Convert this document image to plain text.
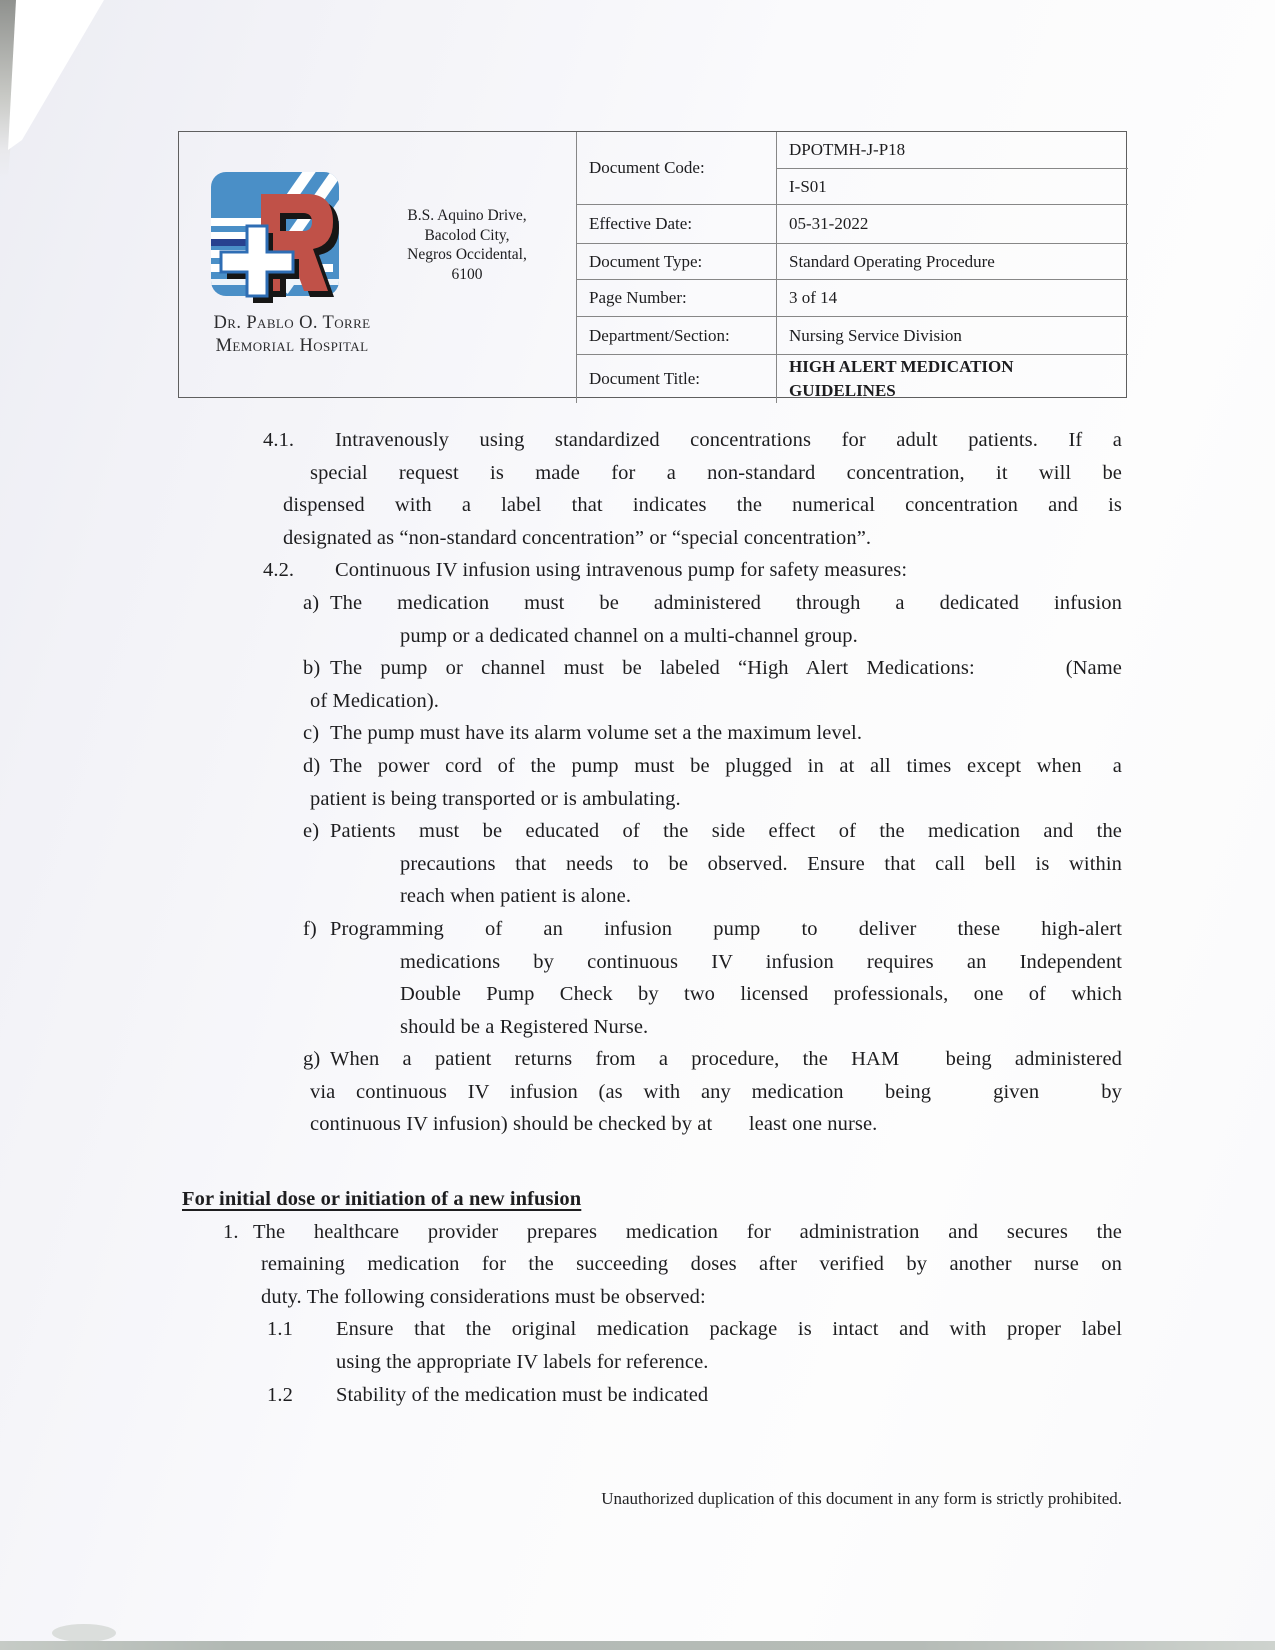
Dr. Pablo O. Torre
Memorial Hospital
B.S. Aquino Drive,
Bacolod City,
Negros Occidental,
6100
Document Code:
DPOTMH-J-P18
I-S01
Effective Date:	05-31-2022
Document Type:	Standard Operating Procedure
Page Number:	3 of 14
Department/Section:	Nursing Service Division
Document Title:
HIGH ALERT MEDICATION GUIDELINES
4.1. Intravenously using standardized concentrations for adult patients. If a
special request is made for a non-standard concentration, it will be
dispensed with a label that indicates the numerical concentration and is
designated as “non-standard concentration” or “special concentration”.
4.2. Continuous IV infusion using intravenous pump for safety measures:
a) The medication must be administered through a dedicated infusion
pump or a dedicated channel on a multi-channel group.
b) The pump or channel must be labeled “High Alert Medications:     (Name
of Medication).
c) The pump must have its alarm volume set a the maximum level.
d) The power cord of the pump must be plugged in at all times except when  a
patient is being transported or is ambulating.
e) Patients must be educated of the side effect of the medication and the
precautions that needs to be observed. Ensure that call bell is within
reach when patient is alone.
f) Programming of an infusion pump to deliver these high-alert
medications by continuous IV infusion requires an Independent
Double Pump Check by two licensed professionals, one of which
should be a Registered Nurse.
g) When a patient returns from a procedure, the HAM  being administered
via continuous IV infusion (as with any medication  being   given   by
continuous IV infusion) should be checked by at       least one nurse.
For initial dose or initiation of a new infusion
1. The healthcare provider prepares medication for administration and secures the
remaining medication for the succeeding doses after verified by another nurse on
duty. The following considerations must be observed:
1.1 Ensure that the original medication package is intact and with proper label
using the appropriate IV labels for reference.
1.2 Stability of the medication must be indicated
Unauthorized duplication of this document in any form is strictly prohibited.
